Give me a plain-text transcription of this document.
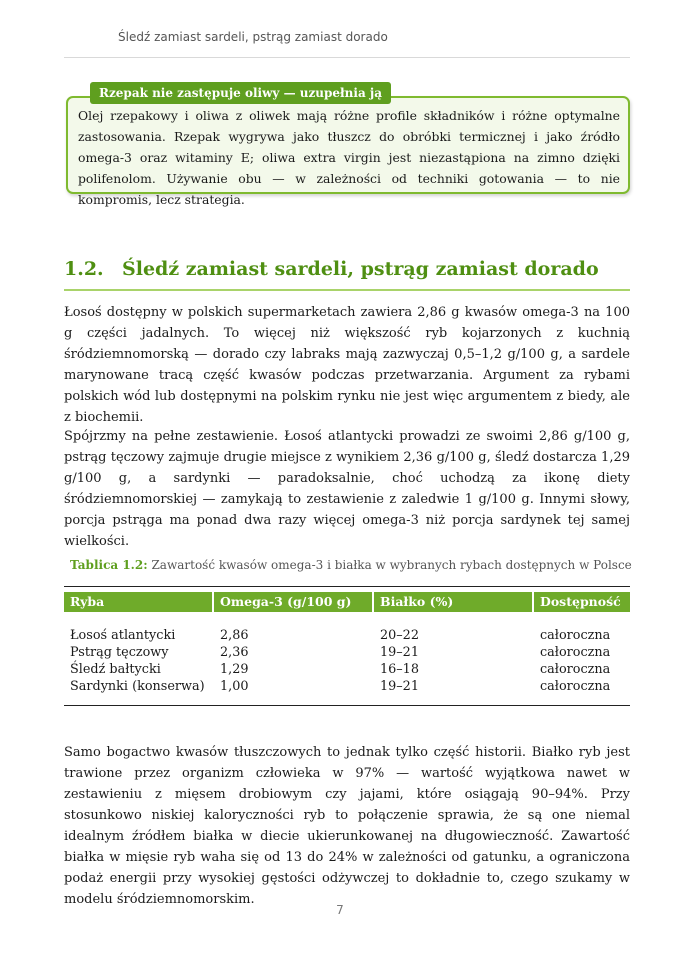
Śledź zamiast sardeli, pstrąg zamiast dorado
Rzepak nie zastępuje oliwy — uzupełnia ją
Olej rzepakowy i oliwa z oliwek mają różne profile składników i różne optymalne zastosowania. Rzepak wygrywa jako tłuszcz do obróbki termicznej i jako źródło omega-3 oraz witaminy E; oliwa extra virgin jest niezastąpiona na zimno dzięki polifenolom. Używanie obu — w zależności od techniki gotowania — to nie kompromis, lecz strategia.
1.2. Śledź zamiast sardeli, pstrąg zamiast dorado
Łosoś dostępny w polskich supermarketach zawiera 2,86 g kwasów omega-3 na 100 g części jadalnych. To więcej niż większość ryb kojarzonych z kuchnią śródziemnomorską — dorado czy labraks mają zazwyczaj 0,5–1,2 g/100 g, a sardele marynowane tracą część kwasów podczas przetwarzania. Argument za rybami polskich wód lub dostępnymi na polskim rynku nie jest więc argumentem z biedy, ale z biochemii.
Spójrzmy na pełne zestawienie. Łosoś atlantycki prowadzi ze swoimi 2,86 g/100 g, pstrąg tęczowy zajmuje drugie miejsce z wynikiem 2,36 g/100 g, śledź dostarcza 1,29 g/100 g, a sardynki — paradoksalnie, choć uchodzą za ikonę diety śródziemnomorskiej — zamykają to zestawienie z zaledwie 1 g/100 g. Innymi słowy, porcja pstrąga ma ponad dwa razy więcej omega-3 niż porcja sardynek tej samej wielkości.
Tablica 1.2: Zawartość kwasów omega-3 i białka w wybranych rybach dostępnych w Polsce
Ryba	Omega-3 (g/100 g)	Białko (%)	Dostępność
Łosoś atlantycki	2,86	20–22	całoroczna
Pstrąg tęczowy	2,36	19–21	całoroczna
Śledź bałtycki	1,29	16–18	całoroczna
Sardynki (konserwa)	1,00	19–21	całoroczna
Samo bogactwo kwasów tłuszczowych to jednak tylko część historii. Białko ryb jest trawione przez organizm człowieka w 97% — wartość wyjątkowa nawet w zestawieniu z mięsem drobiowym czy jajami, które osiągają 90–94%. Przy stosunkowo niskiej kaloryczności ryb to połączenie sprawia, że są one niemal idealnym źródłem białka w diecie ukierunkowanej na długowieczność. Zawartość białka w mięsie ryb waha się od 13 do 24% w zależności od gatunku, a ograniczona podaż energii przy wysokiej gęstości odżywczej to dokładnie to, czego szukamy w modelu śródziemnomorskim.
7
